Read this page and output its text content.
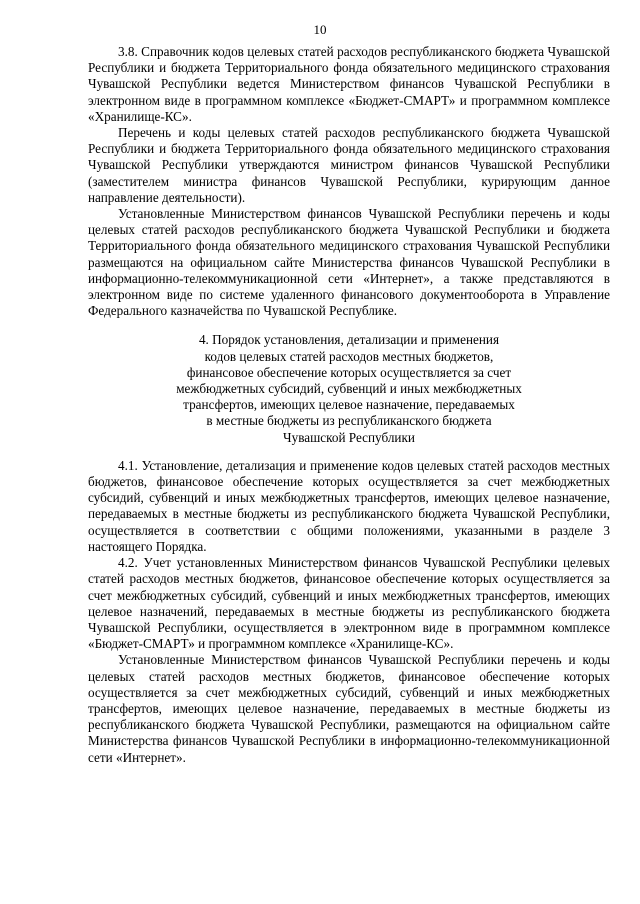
10

3.8. Справочник кодов целевых статей расходов республиканского бюджета Чувашской Республики и бюджета Территориального фонда обязательного медицинского страхования Чувашской Республики ведется Министерством финансов Чувашской Республики в электронном виде в программном комплексе «Бюджет-СМАРТ» и программном комплексе «Хранилище-КС».

Перечень и коды целевых статей расходов республиканского бюджета Чувашской Республики и бюджета Территориального фонда обязательного медицинского страхования Чувашской Республики утверждаются министром финансов Чувашской Республики (заместителем министра финансов Чувашской Республики, курирующим данное направление деятельности).

Установленные Министерством финансов Чувашской Республики перечень и коды целевых статей расходов республиканского бюджета Чувашской Республики и бюджета Территориального фонда обязательного медицинского страхования Чувашской Республики размещаются на официальном сайте Министерства финансов Чувашской Республики в информационно-телекоммуникационной сети «Интернет», а также представляются в электронном виде по системе удаленного финансового документооборота в Управление Федерального казначейства по Чувашской Республике.

4. Порядок установления, детализации и применения
кодов целевых статей расходов местных бюджетов,
финансовое обеспечение которых осуществляется за счет
межбюджетных субсидий, субвенций и иных межбюджетных
трансфертов, имеющих целевое назначение, передаваемых
в местные бюджеты из республиканского бюджета
Чувашской Республики

4.1. Установление, детализация и применение кодов целевых статей расходов местных бюджетов, финансовое обеспечение которых осуществляется за счет межбюджетных субсидий, субвенций и иных межбюджетных трансфертов, имеющих целевое назначение, передаваемых в местные бюджеты из республиканского бюджета Чувашской Республики, осуществляется в соответствии с общими положениями, указанными в разделе 3 настоящего Порядка.

4.2. Учет установленных Министерством финансов Чувашской Республики целевых статей расходов местных бюджетов, финансовое обеспечение которых осуществляется за счет межбюджетных субсидий, субвенций и иных межбюджетных трансфертов, имеющих целевое назначений, передаваемых в местные бюджеты из республиканского бюджета Чувашской Республики, осуществляется в электронном виде в программном комплексе «Бюджет-СМАРТ» и программном комплексе «Хранилище-КС».

Установленные Министерством финансов Чувашской Республики перечень и коды целевых статей расходов местных бюджетов, финансовое обеспечение которых осуществляется за счет межбюджетных субсидий, субвенций и иных межбюджетных трансфертов, имеющих целевое назначение, передаваемых в местные бюджеты из республиканского бюджета Чувашской Республики, размещаются на официальном сайте Министерства финансов Чувашской Республики в информационно-телекоммуникационной сети «Интернет».
